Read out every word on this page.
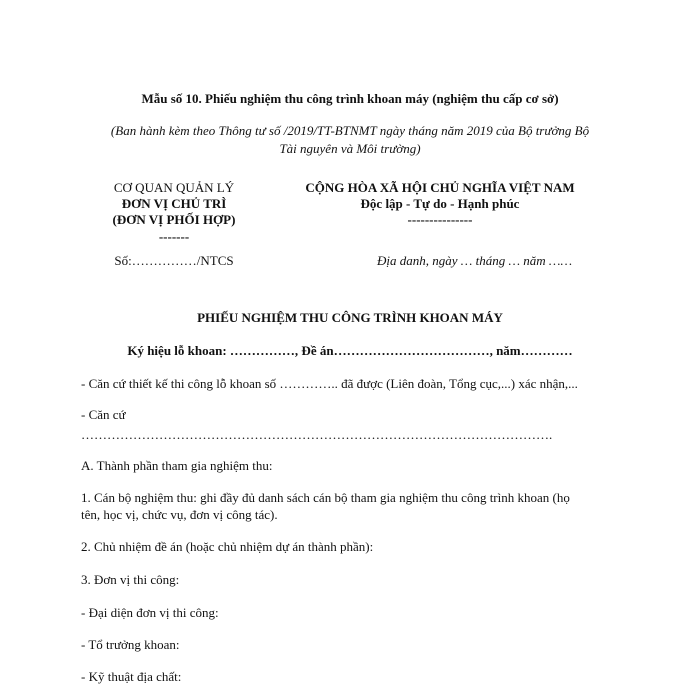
Mẫu số 10. Phiếu nghiệm thu công trình khoan máy (nghiệm thu cấp cơ sở)
(Ban hành kèm theo Thông tư số /2019/TT-BTNMT ngày tháng năm 2019 của Bộ trưởng Bộ
Tài nguyên và Môi trường)
CƠ QUAN QUẢN LÝ
ĐƠN VỊ CHỦ TRÌ
(ĐƠN VỊ PHỐI HỢP)
-------
Số:……………/NTCS
CỘNG HÒA XÃ HỘI CHỦ NGHĨA VIỆT NAM
Độc lập - Tự do - Hạnh phúc
---------------
Địa danh, ngày … tháng … năm ……
PHIẾU NGHIỆM THU CÔNG TRÌNH KHOAN MÁY
Ký hiệu lỗ khoan: ……………, Đề án………………………………, năm…………
- Căn cứ thiết kế thi công lỗ khoan số ………….. đã được (Liên đoàn, Tổng cục,...) xác nhận,...
- Căn cứ
……………………………………………………………………………………………….
A. Thành phần tham gia nghiệm thu:
1. Cán bộ nghiệm thu: ghi đầy đủ danh sách cán bộ tham gia nghiệm thu công trình khoan (họ
tên, học vị, chức vụ, đơn vị công tác).
2. Chủ nhiệm đề án (hoặc chủ nhiệm dự án thành phần):
3. Đơn vị thi công:
- Đại diện đơn vị thi công:
- Tổ trưởng khoan:
- Kỹ thuật địa chất:
